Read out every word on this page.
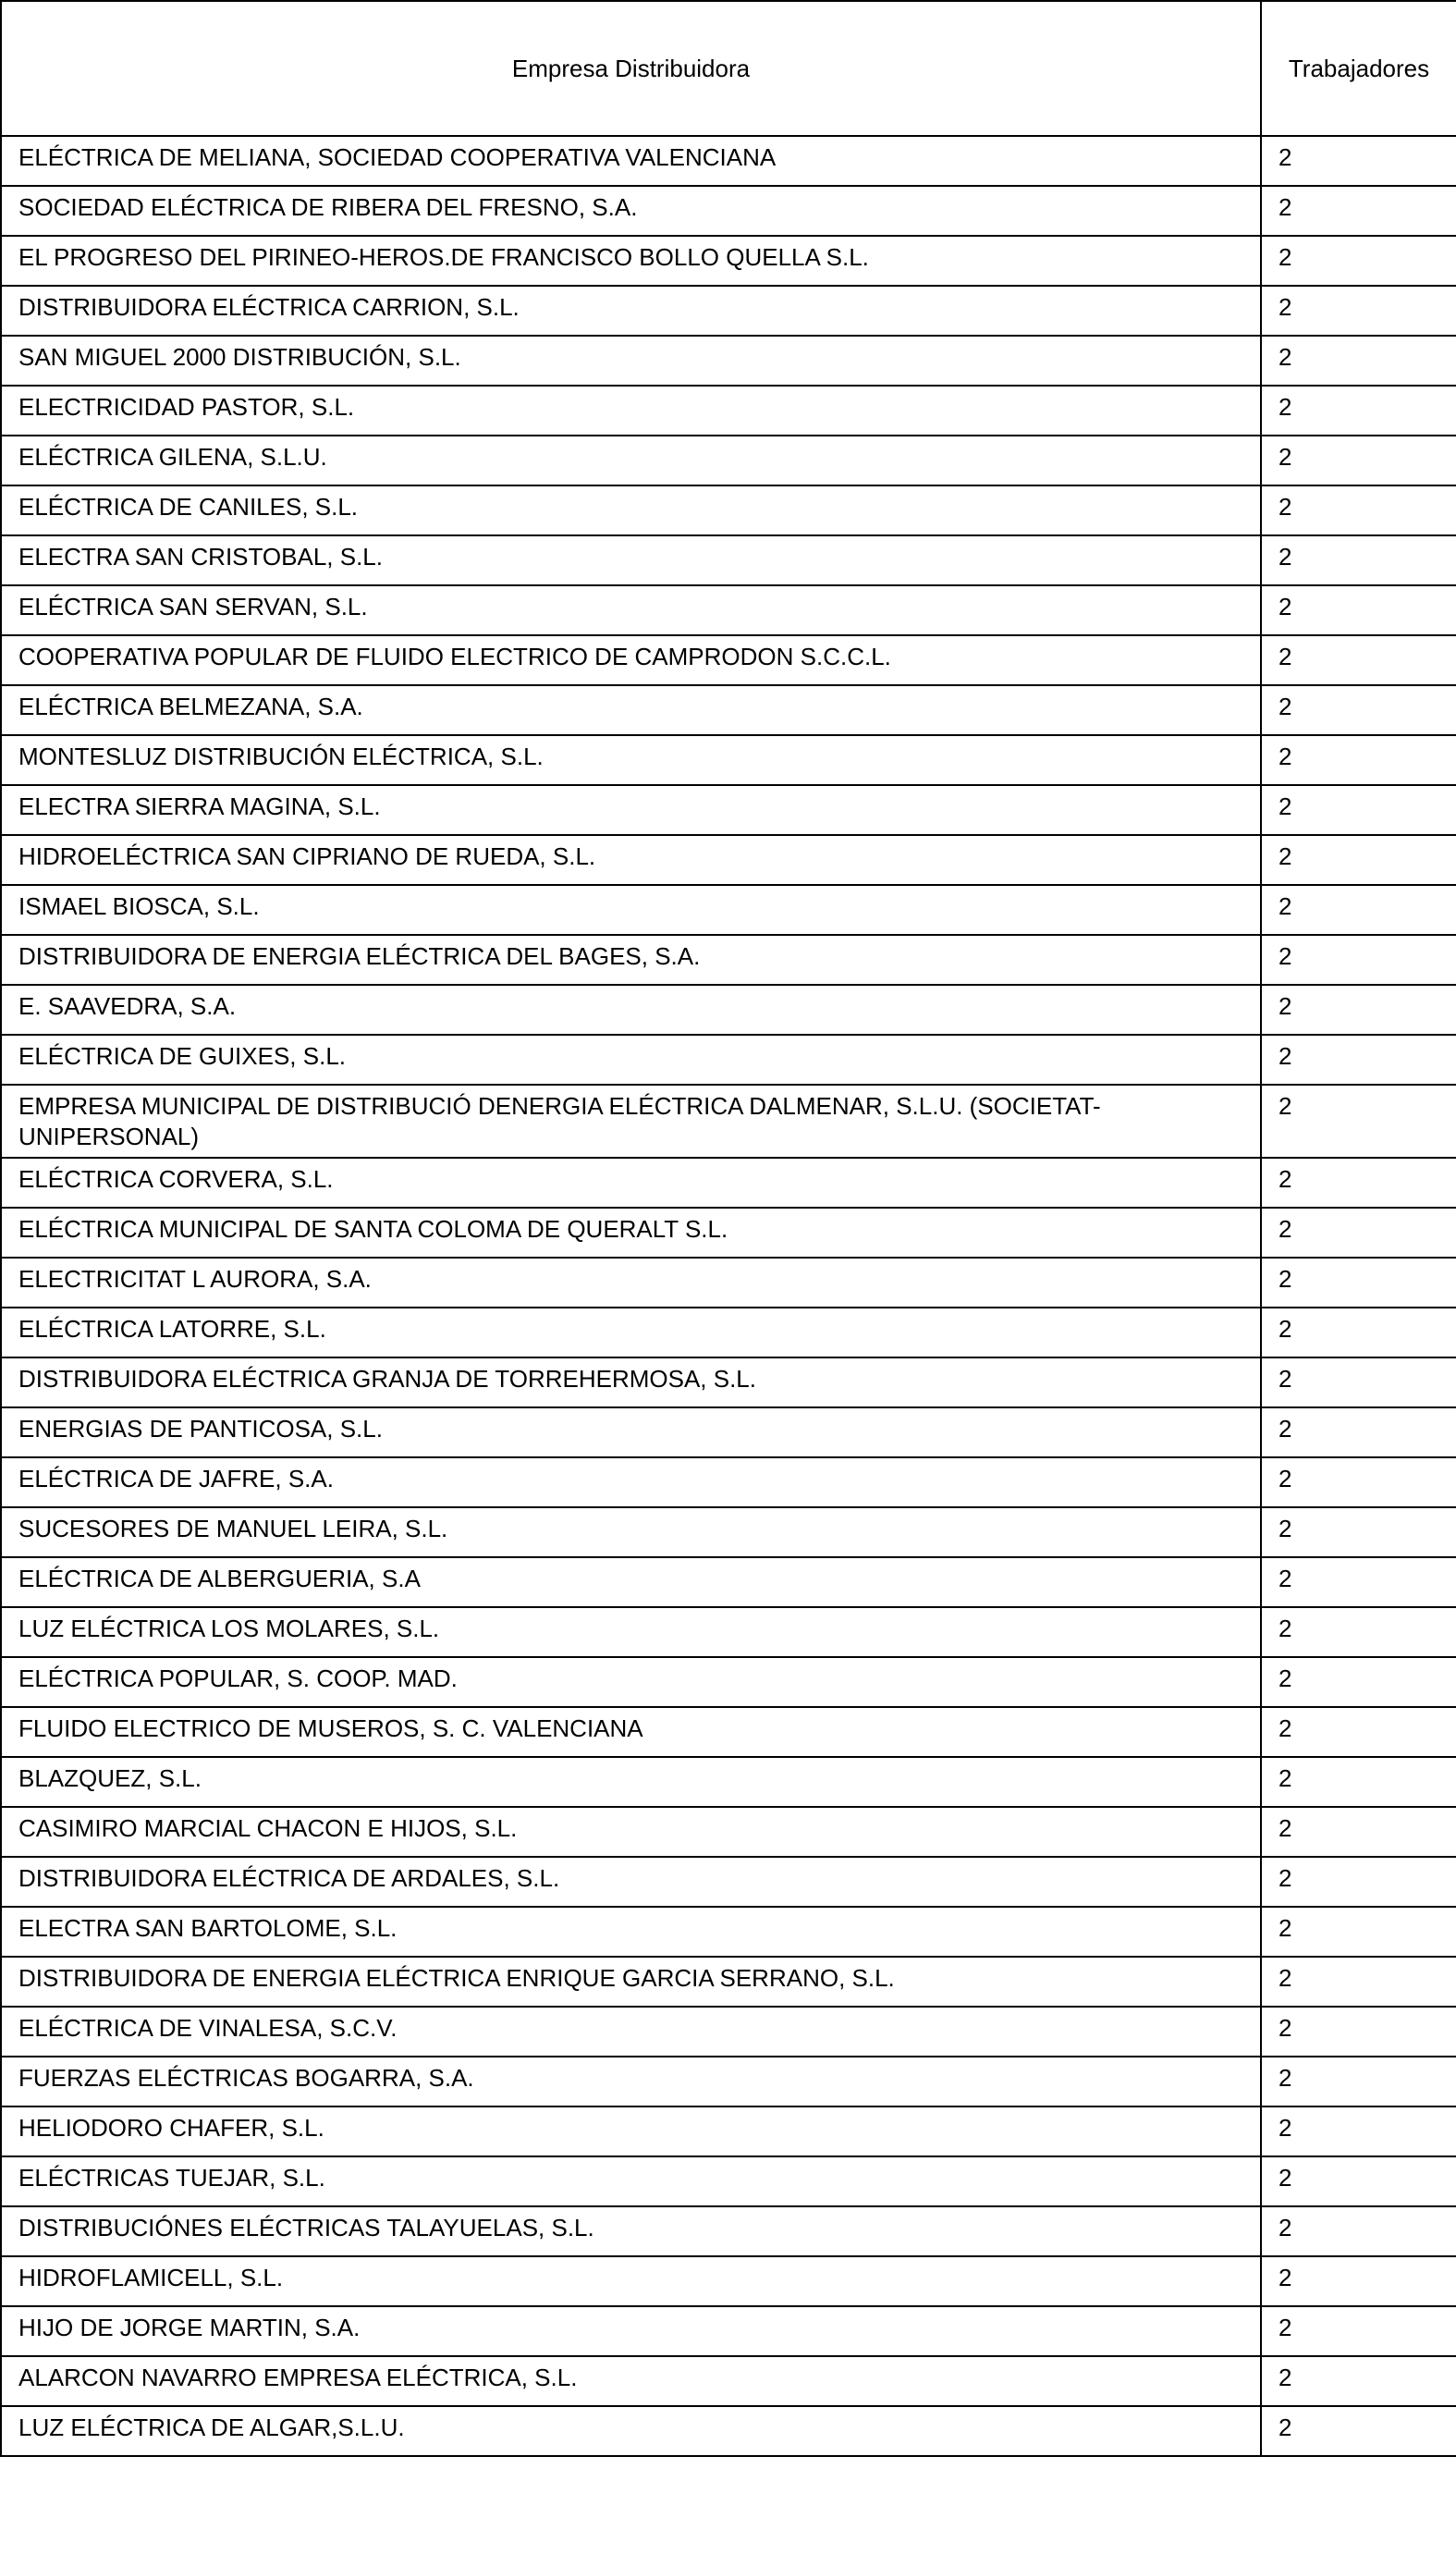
Empresa Distribuidora	Trabajadores
ELÉCTRICA DE MELIANA, SOCIEDAD COOPERATIVA VALENCIANA	2
SOCIEDAD ELÉCTRICA DE RIBERA DEL FRESNO, S.A.	2
EL PROGRESO DEL PIRINEO-HEROS.DE FRANCISCO BOLLO QUELLA S.L.	2
DISTRIBUIDORA ELÉCTRICA CARRION, S.L.	2
SAN MIGUEL 2000 DISTRIBUCIÓN, S.L.	2
ELECTRICIDAD PASTOR, S.L.	2
ELÉCTRICA GILENA, S.L.U.	2
ELÉCTRICA DE CANILES, S.L.	2
ELECTRA SAN CRISTOBAL, S.L.	2
ELÉCTRICA SAN SERVAN, S.L.	2
COOPERATIVA POPULAR DE FLUIDO ELECTRICO DE CAMPRODON S.C.C.L.	2
ELÉCTRICA BELMEZANA, S.A.	2
MONTESLUZ DISTRIBUCIÓN ELÉCTRICA, S.L.	2
ELECTRA SIERRA MAGINA, S.L.	2
HIDROELÉCTRICA SAN CIPRIANO DE RUEDA, S.L.	2
ISMAEL BIOSCA, S.L.	2
DISTRIBUIDORA DE ENERGIA ELÉCTRICA DEL BAGES, S.A.	2
E. SAAVEDRA, S.A.	2
ELÉCTRICA DE GUIXES, S.L.	2
EMPRESA MUNICIPAL DE DISTRIBUCIÓ DENERGIA ELÉCTRICA DALMENAR, S.L.U. (SOCIETAT-UNIPERSONAL)	2
ELÉCTRICA CORVERA, S.L.	2
ELÉCTRICA MUNICIPAL DE SANTA COLOMA DE QUERALT S.L.	2
ELECTRICITAT L AURORA, S.A.	2
ELÉCTRICA LATORRE, S.L.	2
DISTRIBUIDORA ELÉCTRICA GRANJA DE TORREHERMOSA, S.L.	2
ENERGIAS DE PANTICOSA, S.L.	2
ELÉCTRICA DE JAFRE, S.A.	2
SUCESORES DE MANUEL LEIRA, S.L.	2
ELÉCTRICA DE ALBERGUERIA, S.A	2
LUZ ELÉCTRICA LOS MOLARES, S.L.	2
ELÉCTRICA POPULAR, S. COOP. MAD.	2
FLUIDO ELECTRICO DE MUSEROS, S. C. VALENCIANA	2
BLAZQUEZ, S.L.	2
CASIMIRO MARCIAL CHACON E HIJOS, S.L.	2
DISTRIBUIDORA ELÉCTRICA DE ARDALES, S.L.	2
ELECTRA SAN BARTOLOME, S.L.	2
DISTRIBUIDORA DE ENERGIA ELÉCTRICA ENRIQUE GARCIA SERRANO, S.L.	2
ELÉCTRICA DE VINALESA, S.C.V.	2
FUERZAS ELÉCTRICAS BOGARRA, S.A.	2
HELIODORO CHAFER, S.L.	2
ELÉCTRICAS TUEJAR, S.L.	2
DISTRIBUCIÓNES ELÉCTRICAS TALAYUELAS, S.L.	2
HIDROFLAMICELL, S.L.	2
HIJO DE JORGE MARTIN, S.A.	2
ALARCON NAVARRO EMPRESA ELÉCTRICA, S.L.	2
LUZ ELÉCTRICA DE ALGAR,S.L.U.	2
